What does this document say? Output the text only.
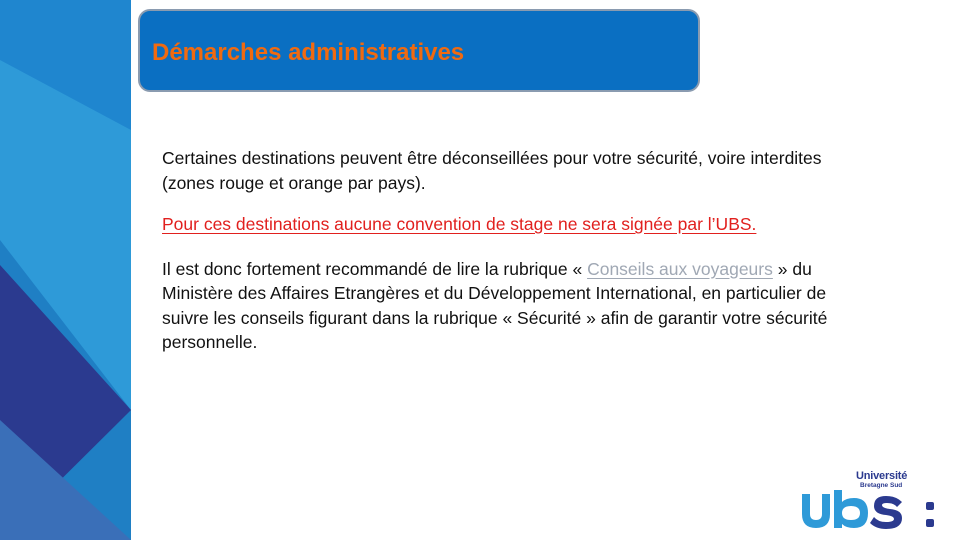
Démarches administratives

Certaines destinations peuvent être déconseillées pour votre sécurité, voire interdites (zones rouge et orange par pays).

Pour ces destinations aucune convention de stage ne sera signée par l’UBS.

Il est donc fortement recommandé de lire la rubrique « Conseils aux voyageurs » du Ministère des Affaires Etrangères et du Développement International, en particulier de suivre les conseils figurant dans la rubrique « Sécurité » afin de garantir votre sécurité personnelle.

Université
Bretagne Sud
